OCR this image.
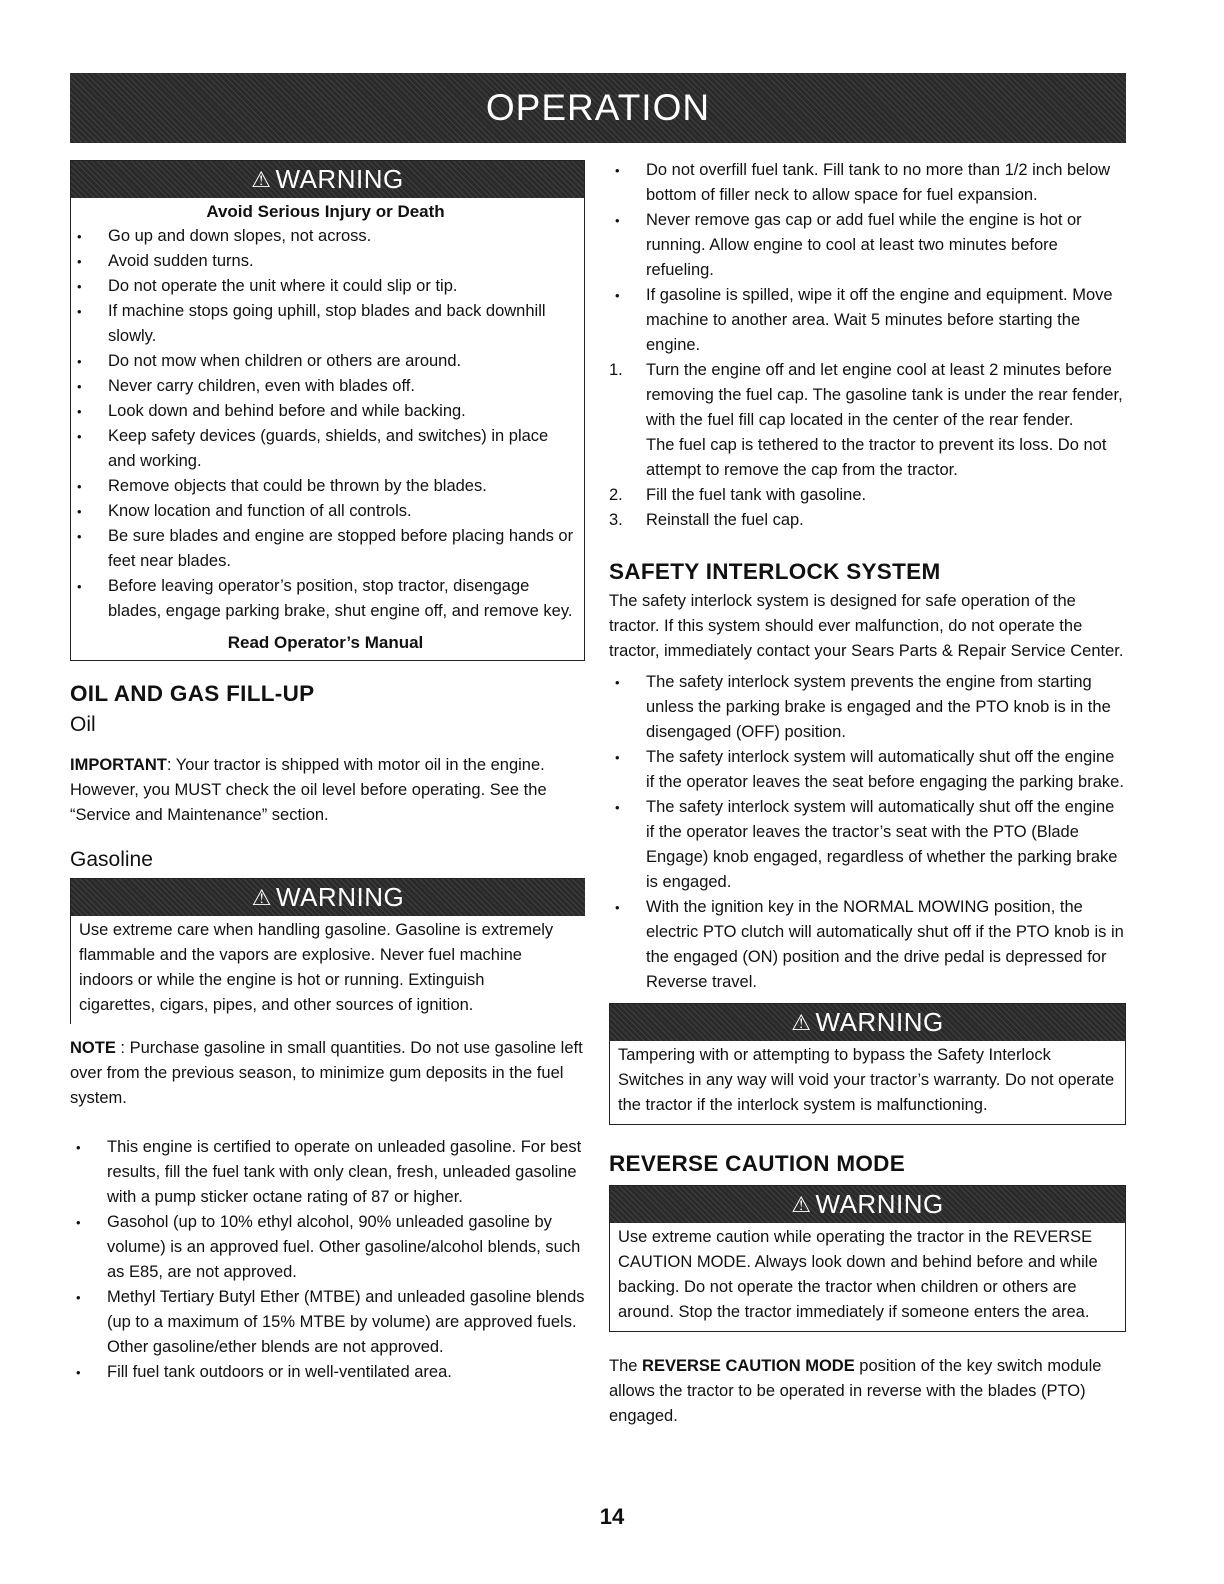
OPERATION
⚠ WARNING
Avoid Serious Injury or Death
• Go up and down slopes, not across.
• Avoid sudden turns.
• Do not operate the unit where it could slip or tip.
• If machine stops going uphill, stop blades and back downhill slowly.
• Do not mow when children or others are around.
• Never carry children, even with blades off.
• Look down and behind before and while backing.
• Keep safety devices (guards, shields, and switches) in place and working.
• Remove objects that could be thrown by the blades.
• Know location and function of all controls.
• Be sure blades and engine are stopped before placing hands or feet near blades.
• Before leaving operator’s position, stop tractor, disengage blades, engage parking brake, shut engine off, and remove key.
Read Operator’s Manual
OIL AND GAS FILL-UP
Oil

IMPORTANT: Your tractor is shipped with motor oil in the engine. However, you MUST check the oil level before operating. See the “Service and Maintenance” section.

Gasoline
⚠ WARNING
Use extreme care when handling gasoline. Gasoline is extremely flammable and the vapors are explosive. Never fuel machine indoors or while the engine is hot or running. Extinguish cigarettes, cigars, pipes, and other sources of ignition.

NOTE : Purchase gasoline in small quantities. Do not use gasoline left over from the previous season, to minimize gum deposits in the fuel system.

• This engine is certified to operate on unleaded gasoline. For best results, fill the fuel tank with only clean, fresh, unleaded gasoline with a pump sticker octane rating of 87 or higher.
• Gasohol (up to 10% ethyl alcohol, 90% unleaded gasoline by volume) is an approved fuel. Other gasoline/alcohol blends, such as E85, are not approved.
• Methyl Tertiary Butyl Ether (MTBE) and unleaded gasoline blends (up to a maximum of 15% MTBE by volume) are approved fuels. Other gasoline/ether blends are not approved.
• Fill fuel tank outdoors or in well-ventilated area.
• Do not overfill fuel tank. Fill tank to no more than 1/2 inch below bottom of filler neck to allow space for fuel expansion.
• Never remove gas cap or add fuel while the engine is hot or running. Allow engine to cool at least two minutes before refueling.
• If gasoline is spilled, wipe it off the engine and equipment. Move machine to another area. Wait 5 minutes before starting the engine.
1. Turn the engine off and let engine cool at least 2 minutes before removing the fuel cap. The gasoline tank is under the rear fender, with the fuel fill cap located in the center of the rear fender.
The fuel cap is tethered to the tractor to prevent its loss. Do not attempt to remove the cap from the tractor.
2. Fill the fuel tank with gasoline.
3. Reinstall the fuel cap.
SAFETY INTERLOCK SYSTEM

The safety interlock system is designed for safe operation of the tractor. If this system should ever malfunction, do not operate the tractor, immediately contact your Sears Parts & Repair Service Center.

• The safety interlock system prevents the engine from starting unless the parking brake is engaged and the PTO knob is in the disengaged (OFF) position.
• The safety interlock system will automatically shut off the engine if the operator leaves the seat before engaging the parking brake.
• The safety interlock system will automatically shut off the engine if the operator leaves the tractor’s seat with the PTO (Blade Engage) knob engaged, regardless of whether the parking brake is engaged.
• With the ignition key in the NORMAL MOWING position, the electric PTO clutch will automatically shut off if the PTO knob is in the engaged (ON) position and the drive pedal is depressed for Reverse travel.
⚠ WARNING
Tampering with or attempting to bypass the Safety Interlock Switches in any way will void your tractor’s warranty. Do not operate the tractor if the interlock system is malfunctioning.
REVERSE CAUTION MODE
⚠ WARNING
Use extreme caution while operating the tractor in the REVERSE CAUTION MODE. Always look down and behind before and while backing. Do not operate the tractor when children or others are around. Stop the tractor immediately if someone enters the area.

The REVERSE CAUTION MODE position of the key switch module allows the tractor to be operated in reverse with the blades (PTO) engaged.

14
